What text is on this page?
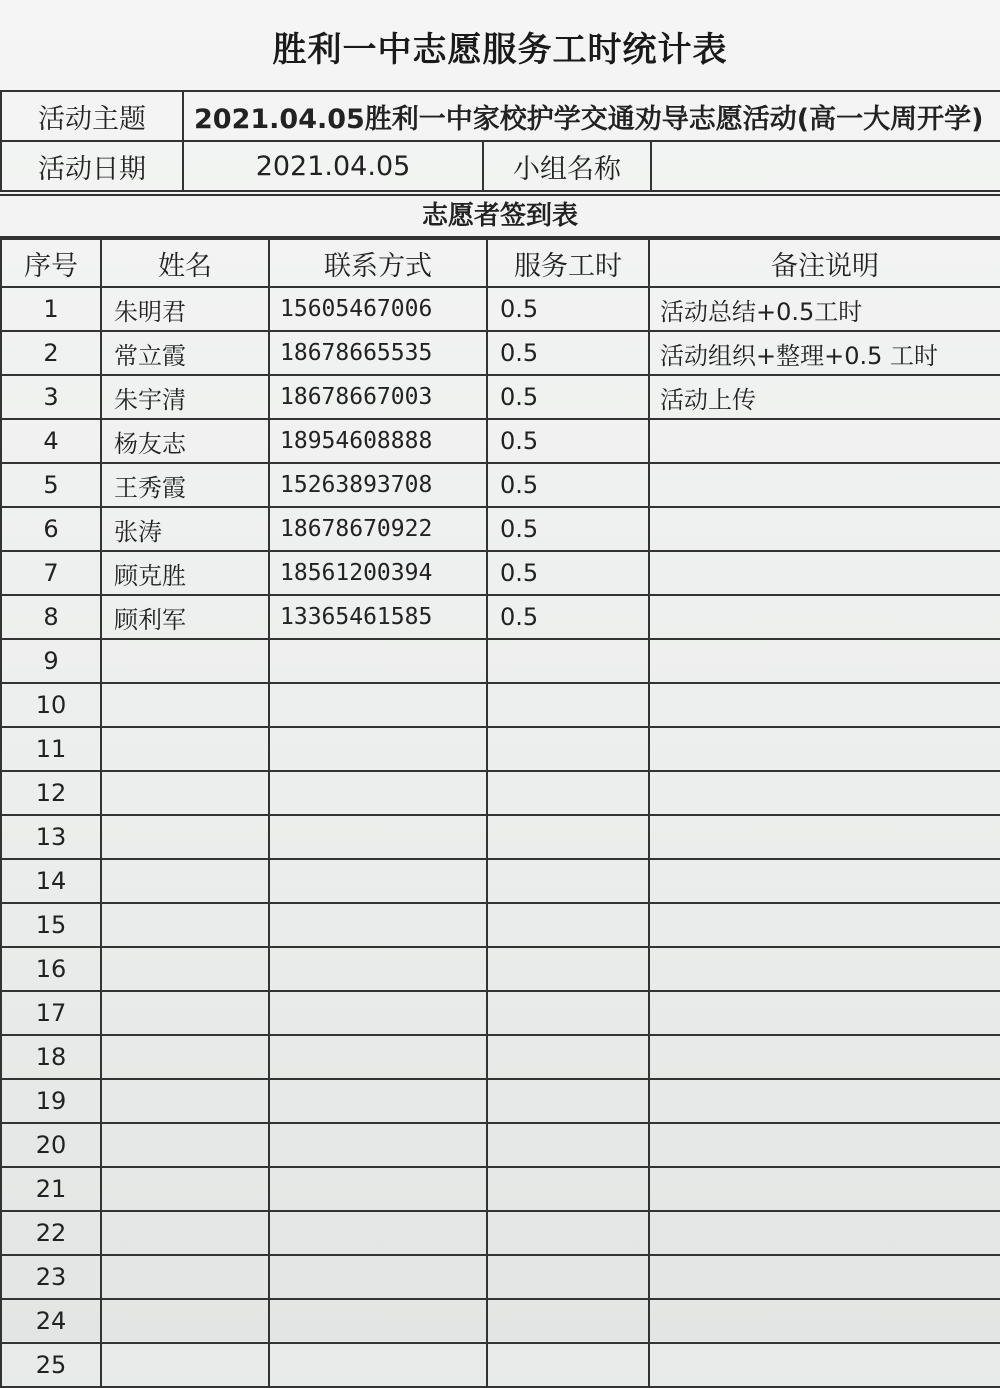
胜利一中志愿服务工时统计表
活动主题	2021.04.05胜利一中家校护学交通劝导志愿活动(高一大周开学)		
活动日期	2021.04.05	小组名称	
志愿者签到表
序号	姓名	联系方式	服务工时	备注说明
1	朱明君	15605467006	0.5	活动总结+0.5工时
2	常立霞	18678665535	0.5	活动组织+整理+0.5 工时
3	朱宇清	18678667003	0.5	活动上传
4	杨友志	18954608888	0.5	
5	王秀霞	15263893708	0.5	
6	张涛	18678670922	0.5	
7	顾克胜	18561200394	0.5	
8	顾利军	13365461585	0.5	
9				
10				
11				
12				
13				
14				
15				
16				
17				
18				
19				
20				
21				
22				
23				
24				
25				
